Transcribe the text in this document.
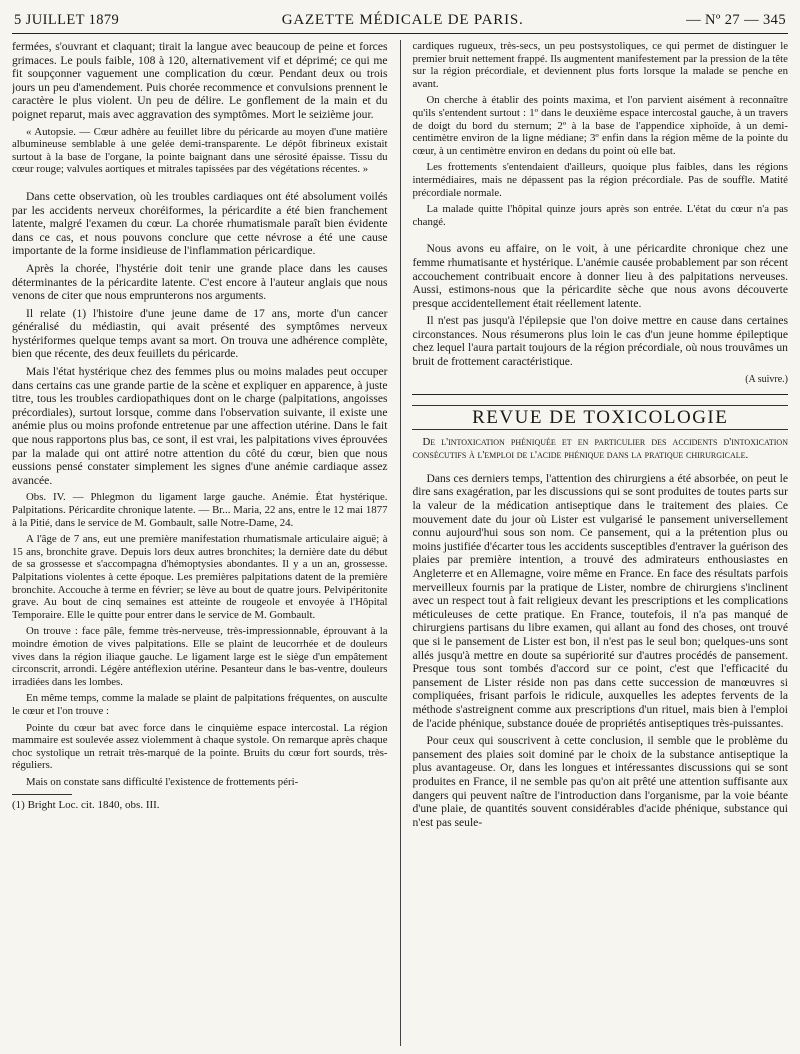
5 JUILLET 1879	GAZETTE MÉDICALE DE PARIS.	— Nº 27 — 345

fermées, s'ouvrant et claquant; tirait la langue avec beaucoup de peine et forces grimaces. Le pouls faible, 108 à 120, alternativement vif et déprimé; ce qui me fit soupçonner vaguement une complication du cœur. Pendant deux ou trois jours un peu d'amendement. Puis chorée recommence et convulsions prennent le caractère le plus violent. Un peu de délire. Le gonflement de la main et du poignet reparut, mais avec aggravation des symptômes. Mort le seizième jour.

« Autopsie. — Cœur adhère au feuillet libre du péricarde au moyen d'une matière albumineuse semblable à une gelée demi-transparente. Le dépôt fibrineux existait surtout à la base de l'organe, la pointe baignant dans une sérosité épaisse. Tissu du cœur rouge; valvules aortiques et mitrales tapissées par des végétations récentes. »

Dans cette observation, où les troubles cardiaques ont été absolument voilés par les accidents nerveux choréiformes, la péricardite a été bien franchement latente, malgré l'examen du cœur. La chorée rhumatismale paraît bien évidente dans ce cas, et nous pouvons conclure que cette névrose a été une cause importante de la forme insidieuse de l'inflammation péricardique.

Après la chorée, l'hystérie doit tenir une grande place dans les causes déterminantes de la péricardite latente. C'est encore à l'auteur anglais que nous venons de citer que nous emprunterons nos arguments.

Il relate (1) l'histoire d'une jeune dame de 17 ans, morte d'un cancer généralisé du médiastin, qui avait présenté des symptômes nerveux hystériformes quelque temps avant sa mort. On trouva une adhérence complète, bien que récente, des deux feuillets du péricarde.

Mais l'état hystérique chez des femmes plus ou moins malades peut occuper dans certains cas une grande partie de la scène et expliquer en apparence, à juste titre, tous les troubles cardiopathiques dont on le charge (palpitations, angoisses précordiales), surtout lorsque, comme dans l'observation suivante, il existe une anémie plus ou moins profonde entretenue par une affection utérine. Dans le fait que nous rapportons plus bas, ce sont, il est vrai, les palpitations vives éprouvées par la malade qui ont attiré notre attention du côté du cœur, bien que nous eussions pensé constater simplement les signes d'une anémie cardiaque assez avancée.

Obs. IV. — Phlegmon du ligament large gauche. Anémie. État hystérique. Palpitations. Péricardite chronique latente. — Br... Maria, 22 ans, entre le 12 mai 1877 à la Pitié, dans le service de M. Gombault, salle Notre-Dame, 24.

A l'âge de 7 ans, eut une première manifestation rhumatismale articulaire aiguë; à 15 ans, bronchite grave. Depuis lors deux autres bronchites; la dernière date du début de sa grossesse et s'accompagna d'hémoptysies abondantes. Il y a un an, grossesse. Palpitations violentes à cette époque. Les premières palpitations datent de la première bronchite. Accouche à terme en février; se lève au bout de quatre jours. Pelvipéritonite grave. Au bout de cinq semaines est atteinte de rougeole et envoyée à l'Hôpital Temporaire. Elle le quitte pour entrer dans le service de M. Gombault.

On trouve : face pâle, femme très-nerveuse, très-impressionnable, éprouvant à la moindre émotion de vives palpitations. Elle se plaint de leucorrhée et de douleurs vives dans la région iliaque gauche. Le ligament large est le siège d'un empâtement circonscrit, arrondi. Légère antéflexion utérine. Pesanteur dans le bas-ventre, douleurs irradiées dans les lombes.

En même temps, comme la malade se plaint de palpitations fréquentes, on ausculte le cœur et l'on trouve :

Pointe du cœur bat avec force dans le cinquième espace intercostal. La région mammaire est soulevée assez violemment à chaque systole. On remarque après chaque choc systolique un retrait très-marqué de la pointe. Bruits du cœur fort sourds, très-réguliers.

Mais on constate sans difficulté l'existence de frottements péri-

(1) Bright Loc. cit. 1840, obs. III.

cardiques rugueux, très-secs, un peu postsystoliques, ce qui permet de distinguer le premier bruit nettement frappé. Ils augmentent manifestement par la pression de la tête sur la région précordiale, et deviennent plus forts lorsque la malade se penche en avant.

On cherche à établir des points maxima, et l'on parvient aisément à reconnaître qu'ils s'entendent surtout : 1º dans le deuxième espace intercostal gauche, à un travers de doigt du bord du sternum; 2º à la base de l'appendice xiphoïde, à un demi-centimètre environ de la ligne médiane; 3º enfin dans la région même de la pointe du cœur, à un centimètre environ en dedans du point où elle bat.

Les frottements s'entendaient d'ailleurs, quoique plus faibles, dans les régions intermédiaires, mais ne dépassent pas la région précordiale. Pas de souffle. Matité précordiale normale.

La malade quitte l'hôpital quinze jours après son entrée. L'état du cœur n'a pas changé.

Nous avons eu affaire, on le voit, à une péricardite chronique chez une femme rhumatisante et hystérique. L'anémie causée probablement par son récent accouchement contribuait encore à donner lieu à des palpitations nerveuses. Aussi, estimons-nous que la péricardite sèche que nous avons découverte presque accidentellement était réellement latente.

Il n'est pas jusqu'à l'épilepsie que l'on doive mettre en cause dans certaines circonstances. Nous résumerons plus loin le cas d'un jeune homme épileptique chez lequel l'aura partait toujours de la région précordiale, où nous trouvâmes un bruit de frottement caractéristique.

(A suivre.)

REVUE DE TOXICOLOGIE

De l'intoxication phéniquée et en particulier des accidents d'intoxication consécutifs à l'emploi de l'acide phénique dans la pratique chirurgicale.

Dans ces derniers temps, l'attention des chirurgiens a été absorbée, on peut le dire sans exagération, par les discussions qui se sont produites de toutes parts sur la valeur de la médication antiseptique dans le traitement des plaies. Ce mouvement date du jour où Lister est vulgarisé le pansement universellement connu aujourd'hui sous son nom. Ce pansement, qui a la prétention plus ou moins justifiée d'écarter tous les accidents susceptibles d'entraver la guérison des plaies par première intention, a trouvé des admirateurs enthousiastes en Angleterre et en Allemagne, voire même en France. En face des résultats parfois merveilleux fournis par la pratique de Lister, nombre de chirurgiens s'inclinent avec un respect tout à fait religieux devant les prescriptions et les complications méticuleuses de cette pratique. En France, toutefois, il n'a pas manqué de chirurgiens partisans du libre examen, qui allant au fond des choses, ont trouvé que si le pansement de Lister est bon, il n'est pas le seul bon; quelques-uns sont allés jusqu'à mettre en doute sa supériorité sur d'autres procédés de pansement. Presque tous sont tombés d'accord sur ce point, c'est que l'efficacité du pansement de Lister réside non pas dans cette succession de manœuvres si compliquées, frisant parfois le ridicule, auxquelles les adeptes fervents de la méthode s'astreignent comme aux prescriptions d'un rituel, mais bien à l'emploi de l'acide phénique, substance douée de propriétés antiseptiques très-puissantes.

Pour ceux qui souscrivent à cette conclusion, il semble que le problème du pansement des plaies soit dominé par le choix de la substance antiseptique la plus avantageuse. Or, dans les longues et intéressantes discussions qui se sont produites en France, il ne semble pas qu'on ait prêté une attention suffisante aux dangers qui peuvent naître de l'introduction dans l'organisme, par la voie béante d'une plaie, de quantités souvent considérables d'acide phénique, substance qui n'est pas seule-
